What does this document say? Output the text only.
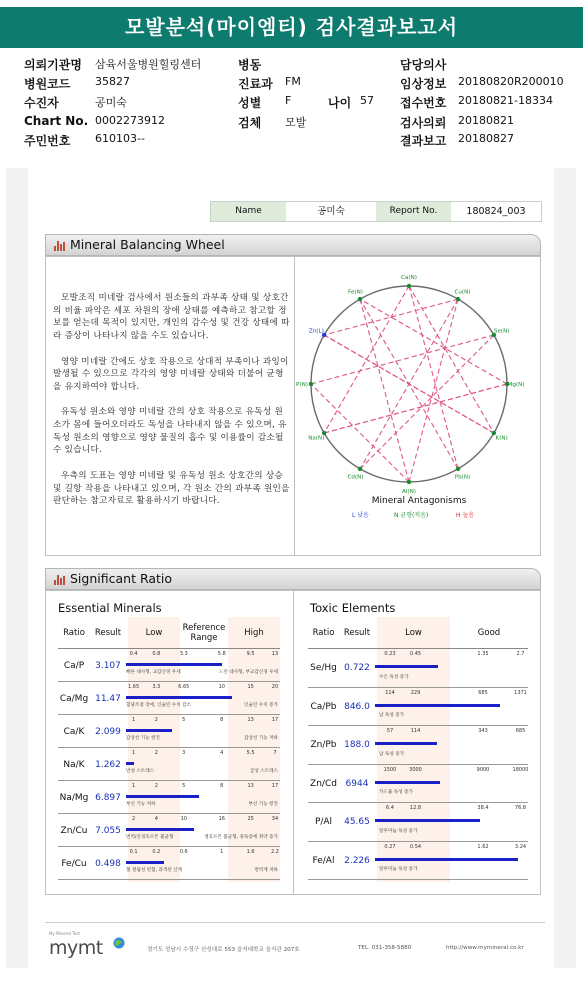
모발분석(마이엠티) 검사결과보고서
의뢰기관명 삼육서울병원힐링센터	병동	담당의사
병원코드 35827	진료과 FM	임상정보 20180820R200010
수진자	공미숙	성별 F	나이 57 접수번호 20180821-18334
Chart No. 0002273912	검체 모발	검사의뢰 20180821
주민번호 610103--	결과보고 20180827
Name	공미숙	Report No.	180824_003
Mineral Balancing Wheel

모발조직 미네랄 검사에서 원소들의 과부족 상태 및 상호간의 비율 파악은 세포 차원의 장애 상태를 예측하고 참고할 정보를 얻는데 목적이 있지만, 개인의 감수성 및 건강 상태에 따라 증상이 나타나지 않을 수도 있습니다.

영양 미네랄 간에도 상호 작용으로 상대적 부족이나 과잉이 발생될 수 있으므로 각각의 영양 미네랄 상태와 더불어 균형을 유지하여야 합니다.

유독성 원소와 영양 미네랄 간의 상호 작용으로 유독성 원소가 몸에 들어오더라도 독성을 나타내지 않을 수 있으며, 유독성 원소의 영향으로 영양 물질의 흡수 및 이용률이 감소될 수 있습니다.

우측의 도표는 영양 미네랄 및 유독성 원소 상호간의 상승 및 길항 작용을 나타내고 있으며, 각 원소 간의 과부족 원인을 판단하는 참고자료로 활용하시기 바랍니다.

Ca(N)
Cu(N)
Se(N)
Mg(N)
K(N)
Pb(N)
Al(N)
Cd(N)
Na(N)
P(N)
Zn(L)
Fe(N)
Mineral Antagonisms
L 낮음	N 균형(적음)	H 높음
Significant Ratio
Essential Minerals	Toxic Elements
Ratio	Result	Low	Reference Range	High
Ca/P	3.107
0.4	0.8	3.3	5.8	9.5	13
빠른 대사형, 교감신경 우세	느린 대사형, 부교감신경 우세
Ca/Mg 11.47
1.65	3.3	6.65	10	15	20
혈당조절 장애, 인슐린 수치 감소	인슐린 수치 증가
Ca/K	2.099
1	2	5	8	13	17
갑상선 기능 항진	갑상선 기능 저하
Na/K	1.262
1	2	3	4	5.5	7
만성 스트레스	급성 스트레스
Na/Mg 6.897
1	2	5	8	13	17
부신 기능 저하	부신 기능 항진
Zn/Cu 7.055
2	4	10	16	25	34
면역/신경호르몬 불균형	생호르몬 불균형, 중독증에 취약 증가
Fe/Cu 0.498
0.1	0.2	0.6	1	1.6	2.2
철 결핍성 빈혈, 과색된 산게	면역계 저하
Ratio	Result	Low	Good
Se/Hg 0.722
0.23	0.45	1.35	2.7
수은 독성 증가
Ca/Pb 846.0
114	229	685	1371
납 독성 증가
Zn/Pb 188.0
57	114	343	685
납 독성 증가
Zn/Cd 6944
1500	3000	9000	18000
카드뮴 독성 증가
P/Al	45.65
6.4	12.8	38.4	76.8
알루미늄 독성 증가
Fe/Al	2.226
0.27	0.54	1.62	3.24
알루미늄 독성 증가
My Mineral Test
mymt	경기도 성남시 수정구 산성대로 553 을지대학교 을지관 207호	TEL. 031-358-5880	http://www.mymineral.co.kr
